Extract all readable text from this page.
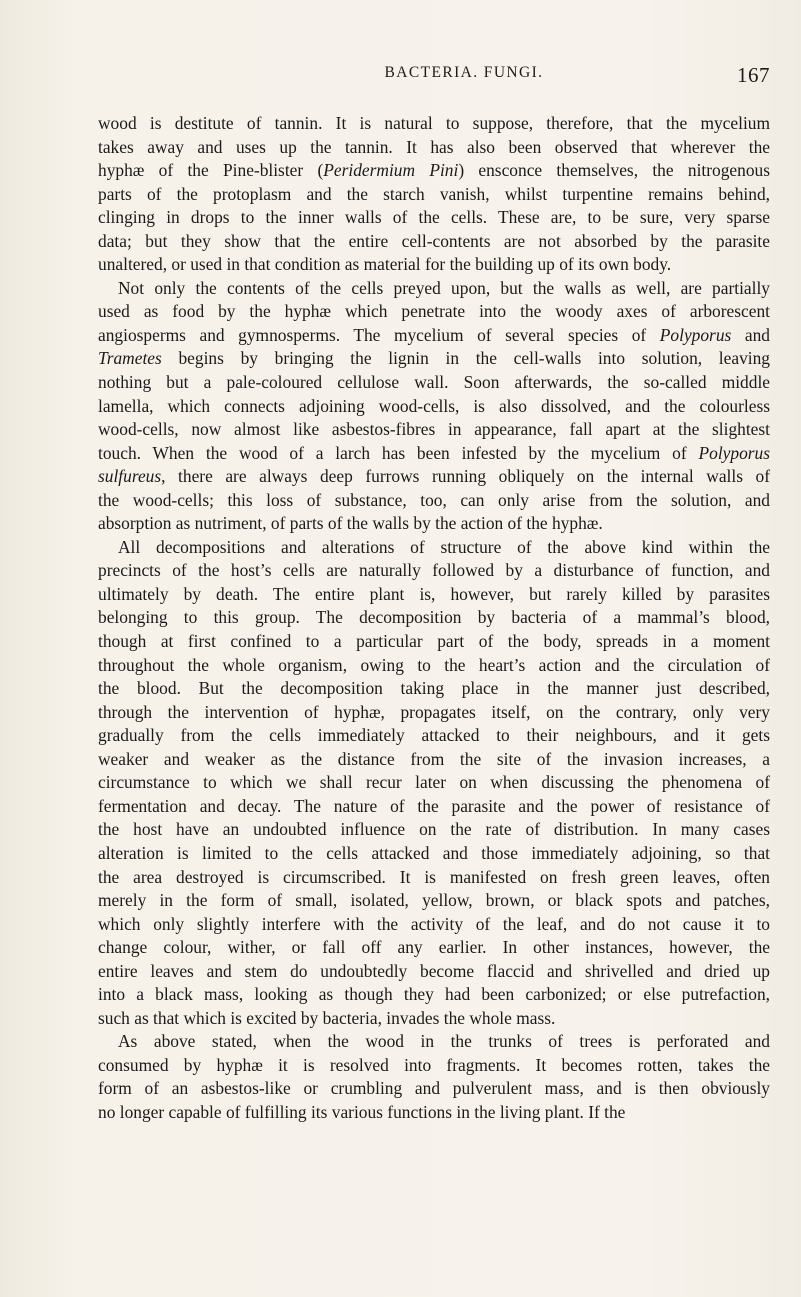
BACTERIA. FUNGI.	167
wood is destitute of tannin. It is natural to suppose, therefore, that the mycelium
takes away and uses up the tannin. It has also been observed that wherever the
hyphæ of the Pine-blister (Peridermium Pini) ensconce themselves, the nitrogenous
parts of the protoplasm and the starch vanish, whilst turpentine remains behind,
clinging in drops to the inner walls of the cells. These are, to be sure, very sparse
data; but they show that the entire cell-contents are not absorbed by the parasite
unaltered, or used in that condition as material for the building up of its own body.
Not only the contents of the cells preyed upon, but the walls as well, are partially
used as food by the hyphæ which penetrate into the woody axes of arborescent
angiosperms and gymnosperms. The mycelium of several species of Polyporus and
Trametes begins by bringing the lignin in the cell-walls into solution, leaving
nothing but a pale-coloured cellulose wall. Soon afterwards, the so-called middle
lamella, which connects adjoining wood-cells, is also dissolved, and the colourless
wood-cells, now almost like asbestos-fibres in appearance, fall apart at the slightest
touch. When the wood of a larch has been infested by the mycelium of Polyporus
sulfureus, there are always deep furrows running obliquely on the internal walls of
the wood-cells; this loss of substance, too, can only arise from the solution, and
absorption as nutriment, of parts of the walls by the action of the hyphæ.
All decompositions and alterations of structure of the above kind within the
precincts of the host’s cells are naturally followed by a disturbance of function, and
ultimately by death. The entire plant is, however, but rarely killed by parasites
belonging to this group. The decomposition by bacteria of a mammal’s blood,
though at first confined to a particular part of the body, spreads in a moment
throughout the whole organism, owing to the heart’s action and the circulation of
the blood. But the decomposition taking place in the manner just described,
through the intervention of hyphæ, propagates itself, on the contrary, only very
gradually from the cells immediately attacked to their neighbours, and it gets
weaker and weaker as the distance from the site of the invasion increases, a
circumstance to which we shall recur later on when discussing the phenomena of
fermentation and decay. The nature of the parasite and the power of resistance of
the host have an undoubted influence on the rate of distribution. In many cases
alteration is limited to the cells attacked and those immediately adjoining, so that
the area destroyed is circumscribed. It is manifested on fresh green leaves, often
merely in the form of small, isolated, yellow, brown, or black spots and patches,
which only slightly interfere with the activity of the leaf, and do not cause it to
change colour, wither, or fall off any earlier. In other instances, however, the
entire leaves and stem do undoubtedly become flaccid and shrivelled and dried up
into a black mass, looking as though they had been carbonized; or else putrefaction,
such as that which is excited by bacteria, invades the whole mass.
As above stated, when the wood in the trunks of trees is perforated and
consumed by hyphæ it is resolved into fragments. It becomes rotten, takes the
form of an asbestos-like or crumbling and pulverulent mass, and is then obviously
no longer capable of fulfilling its various functions in the living plant. If the
